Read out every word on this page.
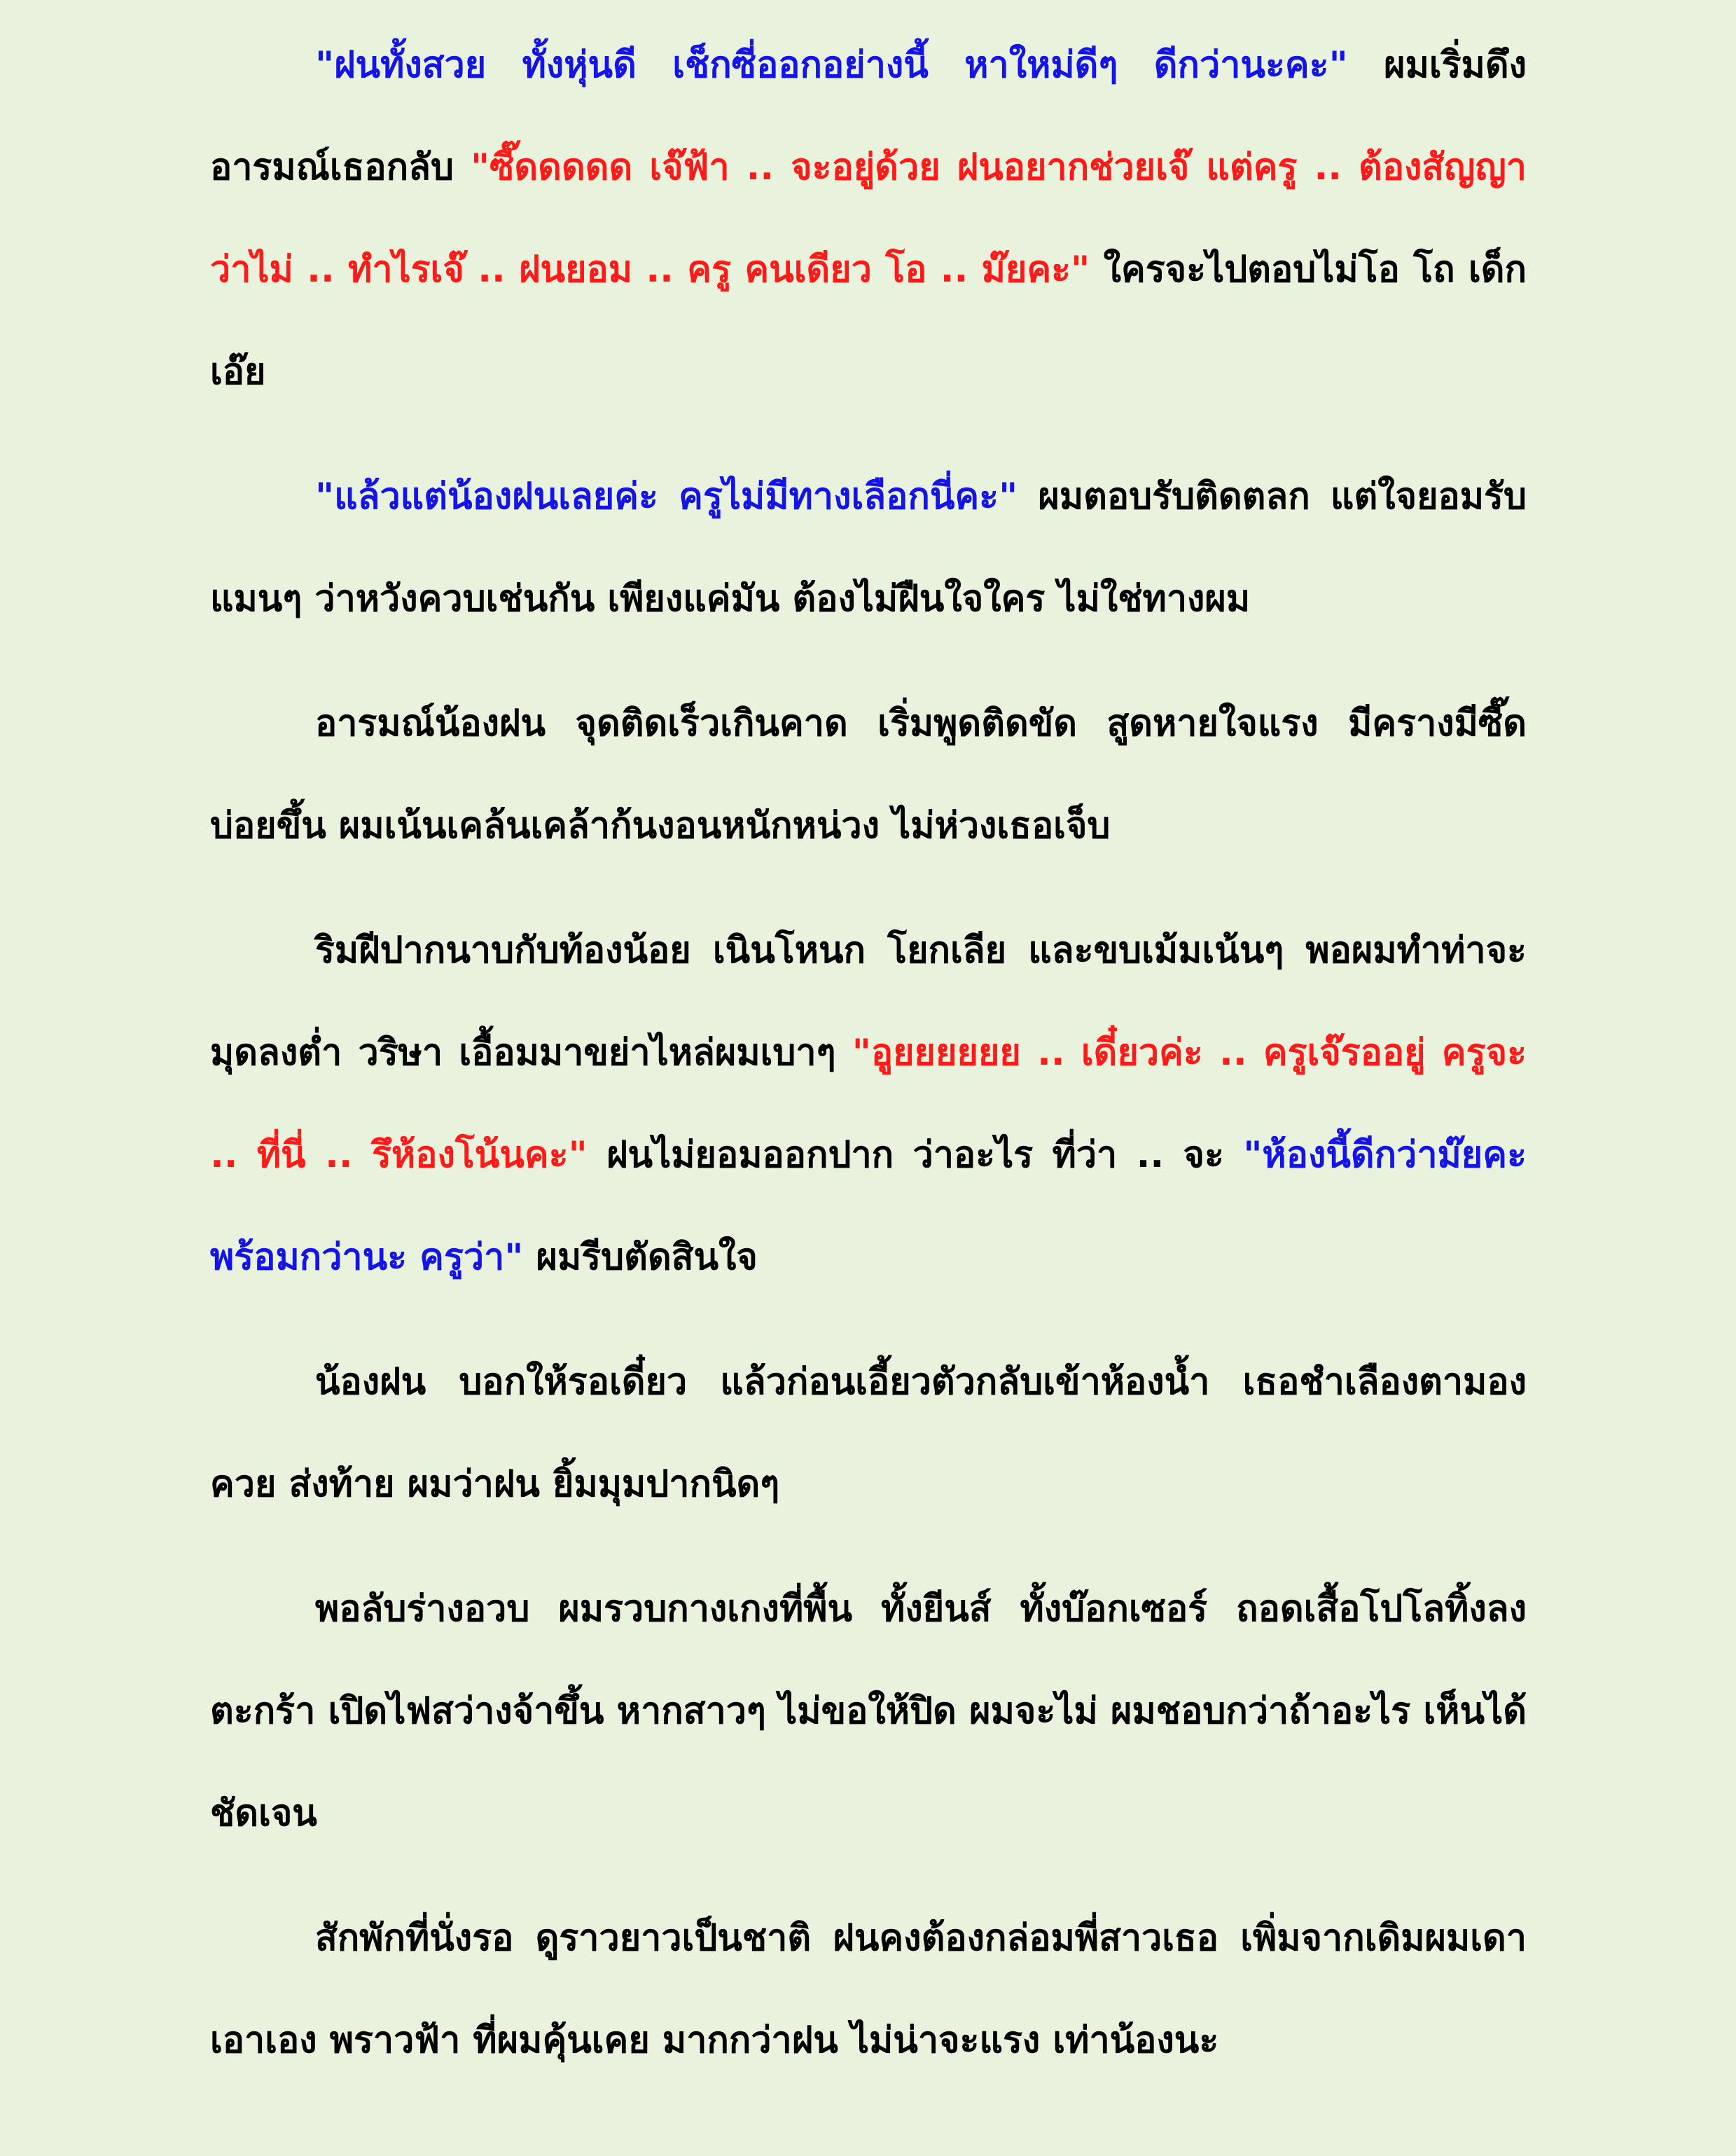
"ฝนทั้งสวย ทั้งหุ่นดี เช็กซี่ออกอย่างนี้ หาใหม่ดีๆ ดีกว่านะคะ" ผมเริ่มดึงอารมณ์เธอกลับ "ซี๊ดดดดด เจ๊ฟ้า .. จะอยู่ด้วย ฝนอยากช่วยเจ๊ แต่ครู .. ต้องสัญญา ว่าไม่ .. ทำไรเจ๊ .. ฝนยอม .. ครู คนเดียว โอ .. ม๊ยคะ" ใครจะไปตอบไม่โอ โถ เด็กเอ๊ย

"แล้วแต่น้องฝนเลยค่ะ ครูไม่มีทางเลือกนี่คะ" ผมตอบรับติดตลก แต่ใจยอมรับแมนๆ ว่าหวังควบเช่นกัน เพียงแค่มัน ต้องไม่ฝืนใจใคร ไม่ใช่ทางผม

อารมณ์น้องฝน จุดติดเร็วเกินคาด เริ่มพูดติดขัด สูดหายใจแรง มีครางมีซี๊ด บ่อยขึ้น ผมเน้นเคล้นเคล้าก้นงอนหนักหน่วง ไม่ห่วงเธอเจ็บ

ริมฝีปากนาบกับท้องน้อย เนินโหนก โยกเลีย และขบเม้มเน้นๆ พอผมทำท่าจะมุดลงต่ำ วริษา เอื้อมมาขย่าไหล่ผมเบาๆ "อูยยยยยย .. เดี๋ยวค่ะ .. ครูเจ๊รออยู่ ครูจะ .. ที่นี่ .. รึห้องโน้นคะ" ฝนไม่ยอมออกปาก ว่าอะไร ที่ว่า .. จะ "ห้องนี้ดีกว่าม๊ยคะ พร้อมกว่านะ ครูว่า" ผมรีบตัดสินใจ

น้องฝน บอกให้รอเดี๋ยว แล้วก่อนเอี้ยวตัวกลับเข้าห้องน้ำ เธอชำเลืองตามองควย ส่งท้าย ผมว่าฝน ยิ้มมุมปากนิดๆ

พอลับร่างอวบ ผมรวบกางเกงที่พื้น ทั้งยีนส์ ทั้งบ๊อกเซอร์ ถอดเสื้อโปโลทิ้งลงตะกร้า เปิดไฟสว่างจ้าขึ้น หากสาวๆ ไม่ขอให้ปิด ผมจะไม่ ผมชอบกว่าถ้าอะไร เห็นได้ชัดเจน

สักพักที่นั่งรอ ดูราวยาวเป็นชาติ ฝนคงต้องกล่อมพี่สาวเธอ เพิ่มจากเดิมผมเดาเอาเอง พราวฟ้า ที่ผมคุ้นเคย มากกว่าฝน ไม่น่าจะแรง เท่าน้องนะ
